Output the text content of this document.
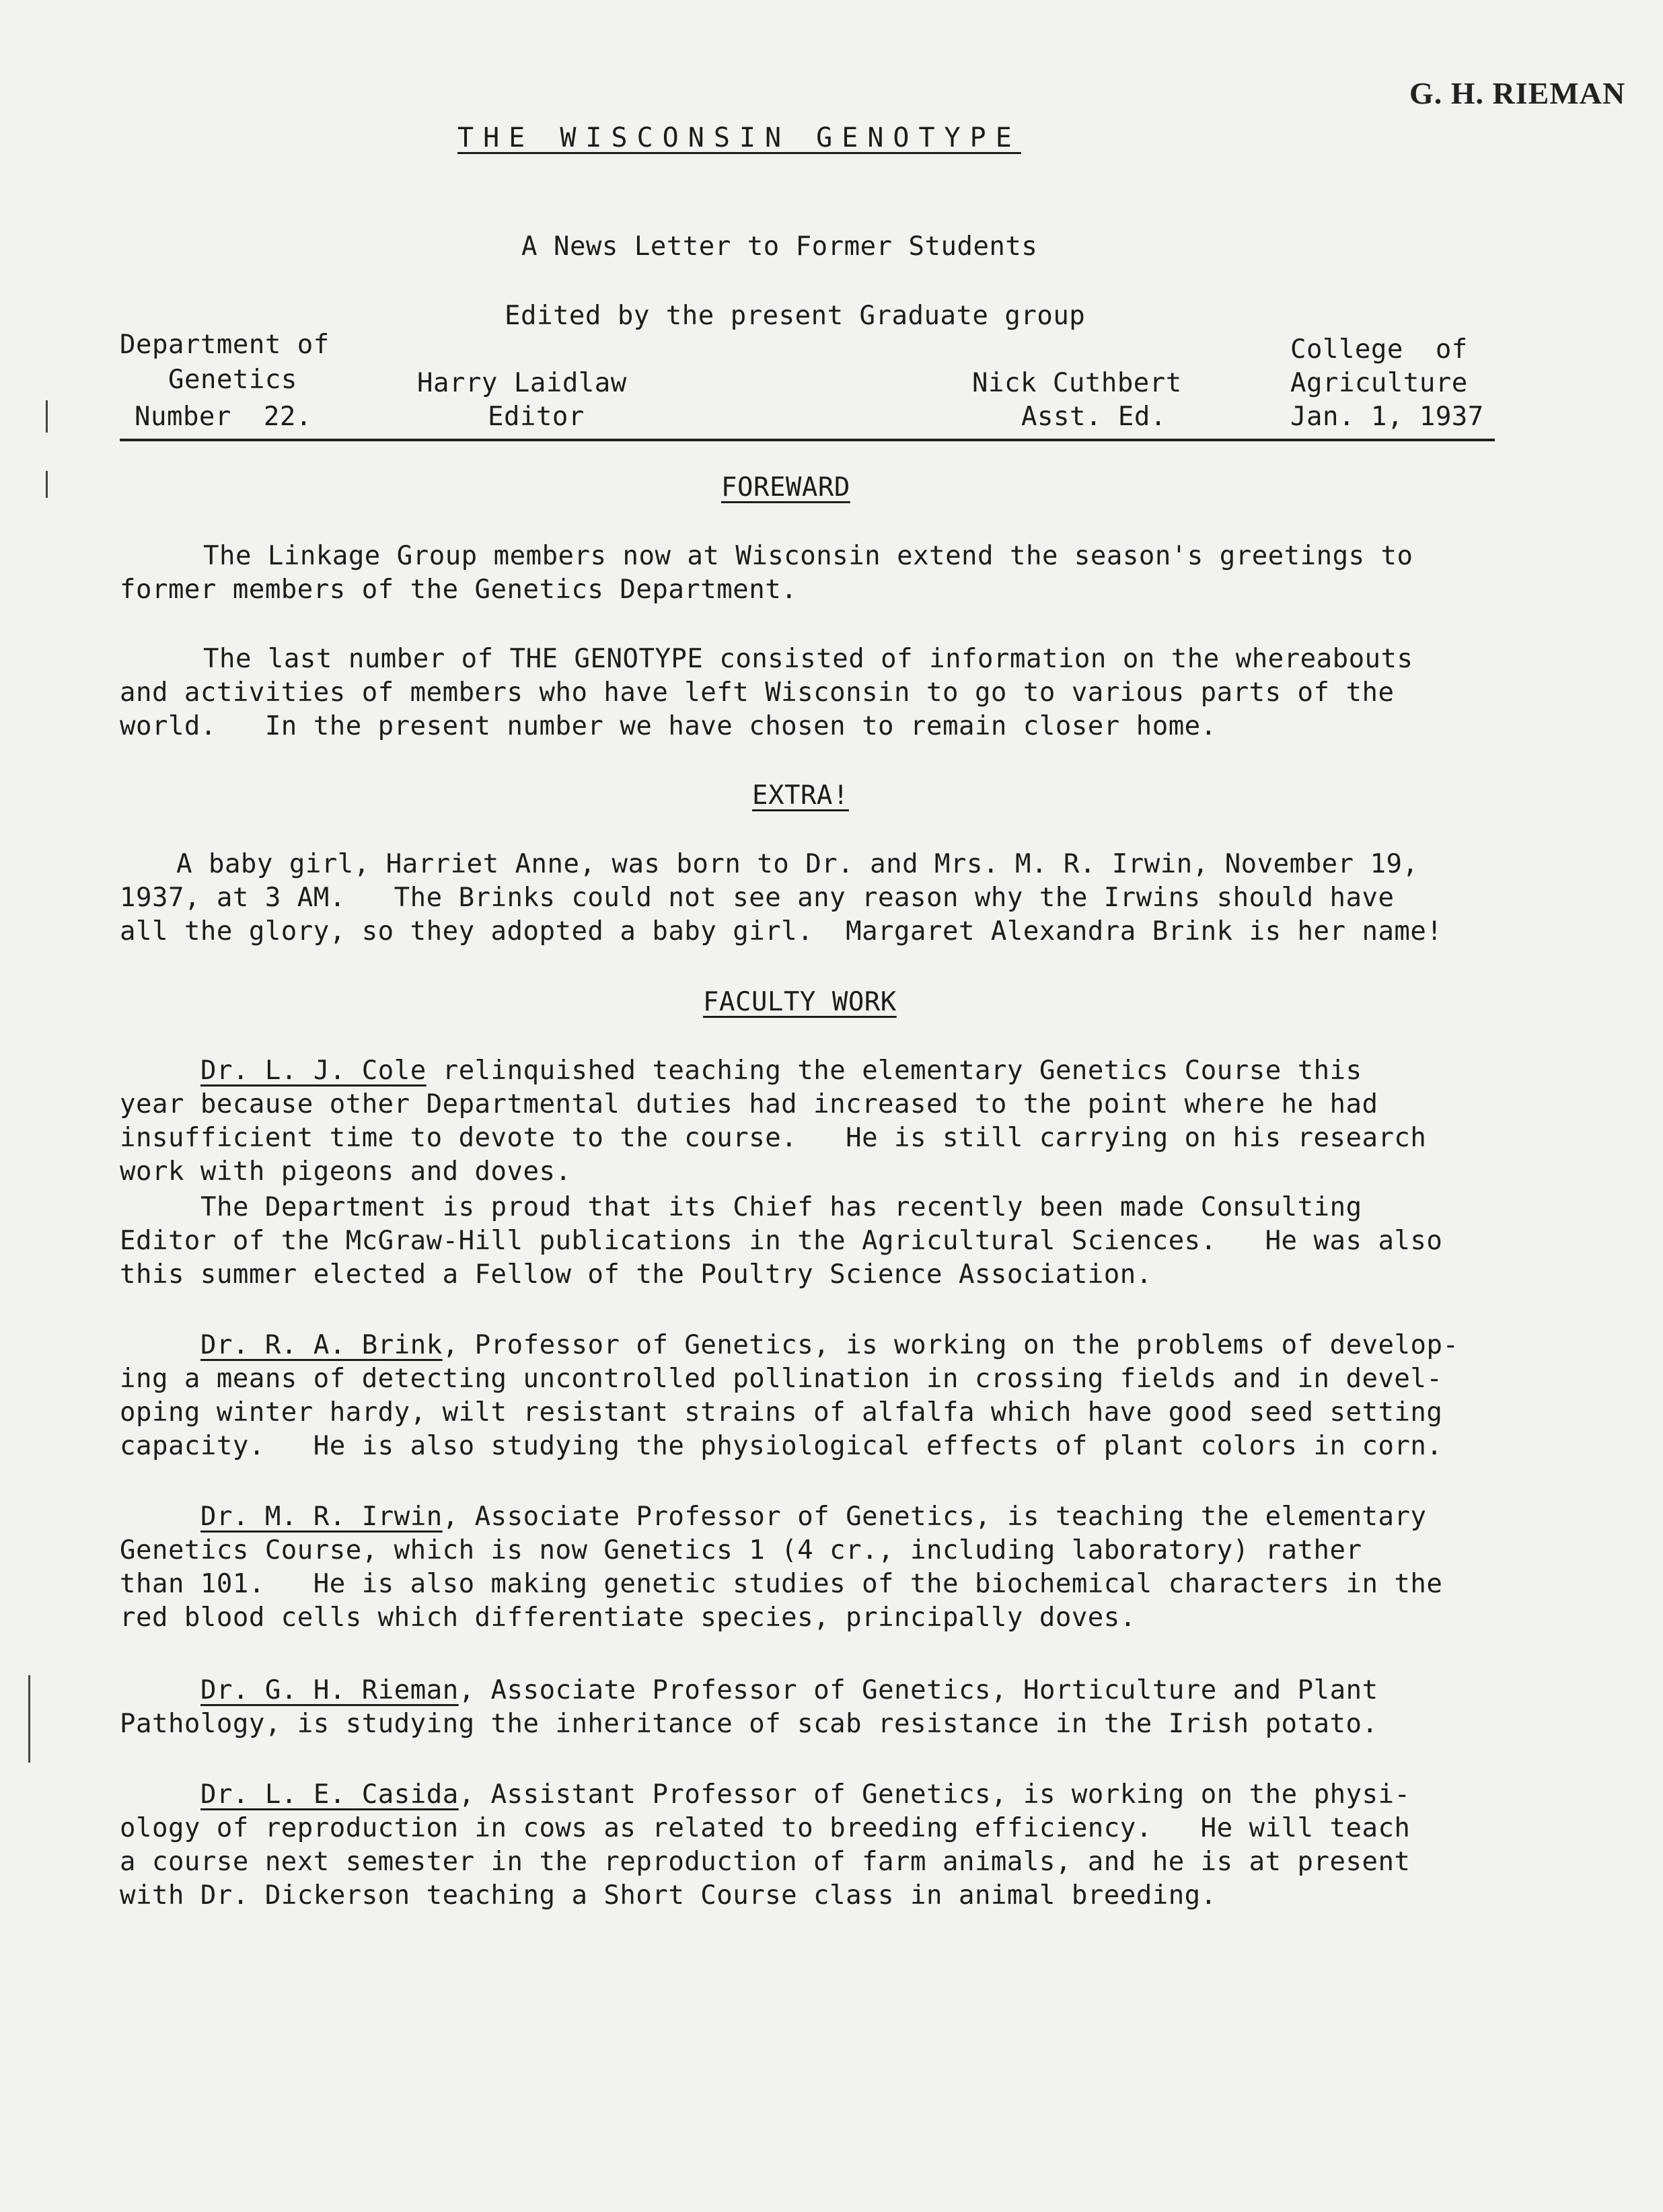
G. H. RIEMAN
THE WISCONSIN GENOTYPE
A News Letter to Former Students
Edited by the present Graduate group
Department of
Genetics
Number  22.
Harry Laidlaw
Editor
Nick Cuthbert
Asst. Ed.
College  of
Agriculture
Jan. 1, 1937
FOREWARD
The Linkage Group members now at Wisconsin extend the season's greetings to
former members of the Genetics Department.
The last number of THE GENOTYPE consisted of information on the whereabouts
and activities of members who have left Wisconsin to go to various parts of the
world.   In the present number we have chosen to remain closer home.
EXTRA!
A baby girl, Harriet Anne, was born to Dr. and Mrs. M. R. Irwin, November 19,
1937, at 3 AM.   The Brinks could not see any reason why the Irwins should have
all the glory, so they adopted a baby girl.  Margaret Alexandra Brink is her name!
FACULTY WORK
Dr. L. J. Cole relinquished teaching the elementary Genetics Course this
year because other Departmental duties had increased to the point where he had
insufficient time to devote to the course.   He is still carrying on his research
work with pigeons and doves.
The Department is proud that its Chief has recently been made Consulting
Editor of the McGraw-Hill publications in the Agricultural Sciences.   He was also
this summer elected a Fellow of the Poultry Science Association.
Dr. R. A. Brink, Professor of Genetics, is working on the problems of develop-
ing a means of detecting uncontrolled pollination in crossing fields and in devel-
oping winter hardy, wilt resistant strains of alfalfa which have good seed setting
capacity.   He is also studying the physiological effects of plant colors in corn.
Dr. M. R. Irwin, Associate Professor of Genetics, is teaching the elementary
Genetics Course, which is now Genetics 1 (4 cr., including laboratory) rather
than 101.   He is also making genetic studies of the biochemical characters in the
red blood cells which differentiate species, principally doves.
Dr. G. H. Rieman, Associate Professor of Genetics, Horticulture and Plant
Pathology, is studying the inheritance of scab resistance in the Irish potato.
Dr. L. E. Casida, Assistant Professor of Genetics, is working on the physi-
ology of reproduction in cows as related to breeding efficiency.   He will teach
a course next semester in the reproduction of farm animals, and he is at present
with Dr. Dickerson teaching a Short Course class in animal breeding.
